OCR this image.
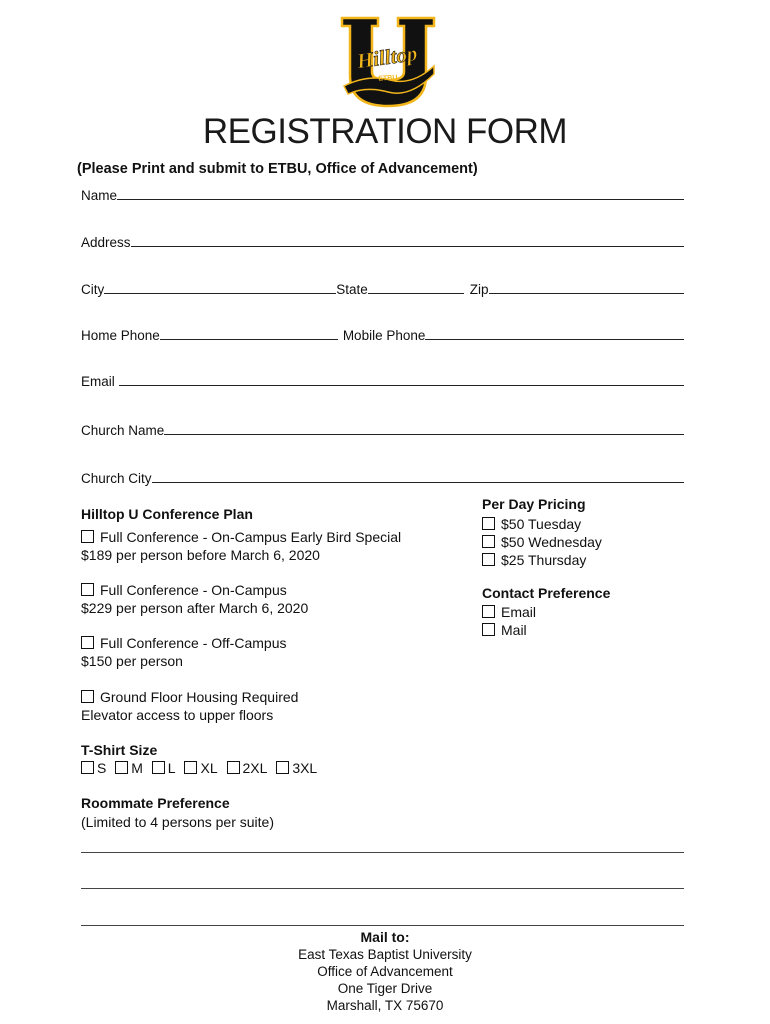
Hilltop
ETBU
REGISTRATION FORM
(Please Print and submit to ETBU, Office of Advancement)
Name
Address
City	State	Zip
Home Phone	Mobile Phone
Email
Church Name
Church City
Hilltop U Conference Plan
Full Conference - On-Campus Early Bird Special
$189 per person before March 6, 2020
Full Conference - On-Campus
$229 per person after March 6, 2020
Full Conference - Off-Campus
$150 per person
Ground Floor Housing Required
Elevator access to upper floors
Per Day Pricing
$50 Tuesday
$50 Wednesday
$25 Thursday
Contact Preference
Email
Mail
T-Shirt Size
S M L XL 2XL 3XL
Roommate Preference
(Limited to 4 persons per suite)
Mail to:
East Texas Baptist University
Office of Advancement
One Tiger Drive
Marshall, TX 75670
